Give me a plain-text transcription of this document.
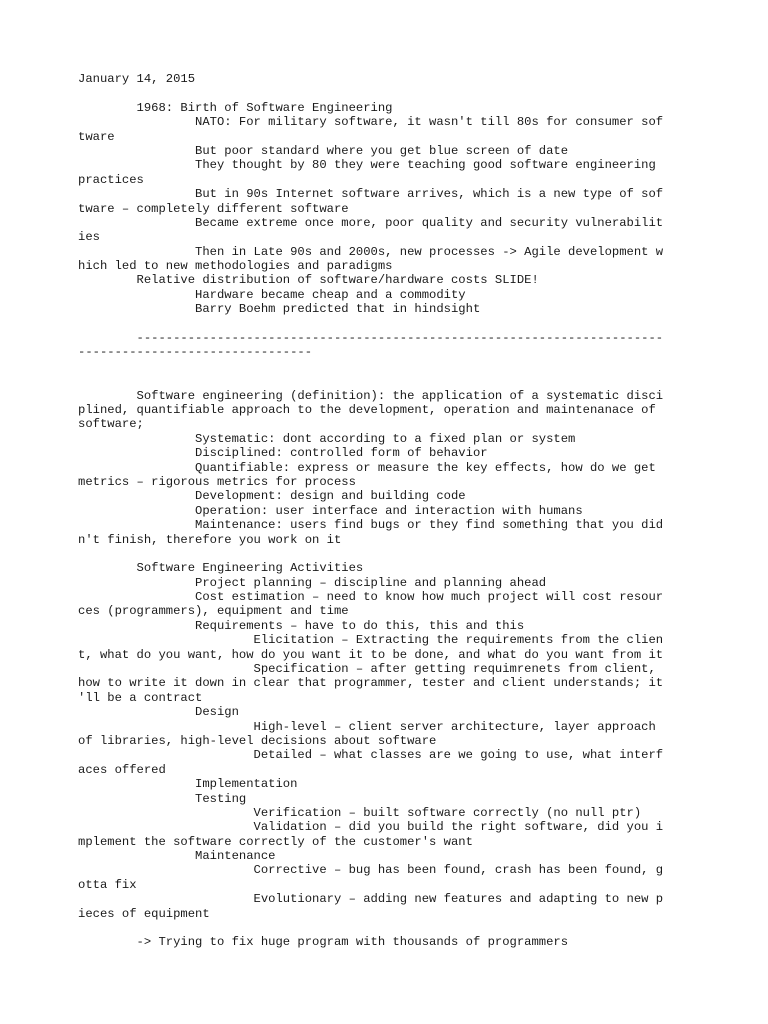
January 14, 2015
1968: Birth of Software Engineering
NATO: For military software, it wasn't till 80s for consumer sof
tware
But poor standard where you get blue screen of date
They thought by 80 they were teaching good software engineering
practices
But in 90s Internet software arrives, which is a new type of sof
tware – completely different software
Became extreme once more, poor quality and security vulnerabilit
ies
Then in Late 90s and 2000s, new processes -> Agile development w
hich led to new methodologies and paradigms
Relative distribution of software/hardware costs SLIDE!
Hardware became cheap and a commodity
Barry Boehm predicted that in hindsight
------------------------------------------------------------------------
--------------------------------
Software engineering (definition): the application of a systematic disci
plined, quantifiable approach to the development, operation and maintenanace of
software;
Systematic: dont according to a fixed plan or system
Disciplined: controlled form of behavior
Quantifiable: express or measure the key effects, how do we get
metrics – rigorous metrics for process
Development: design and building code
Operation: user interface and interaction with humans
Maintenance: users find bugs or they find something that you did
n't finish, therefore you work on it
Software Engineering Activities
Project planning – discipline and planning ahead
Cost estimation – need to know how much project will cost resour
ces (programmers), equipment and time
Requirements – have to do this, this and this
Elicitation – Extracting the requirements from the clien
t, what do you want, how do you want it to be done, and what do you want from it
Specification – after getting requimrenets from client,
how to write it down in clear that programmer, tester and client understands; it
'll be a contract
Design
High-level – client server architecture, layer approach
of libraries, high-level decisions about software
Detailed – what classes are we going to use, what interf
aces offered
Implementation
Testing
Verification – built software correctly (no null ptr)
Validation – did you build the right software, did you i
mplement the software correctly of the customer's want
Maintenance
Corrective – bug has been found, crash has been found, g
otta fix
Evolutionary – adding new features and adapting to new p
ieces of equipment
-> Trying to fix huge program with thousands of programmers
